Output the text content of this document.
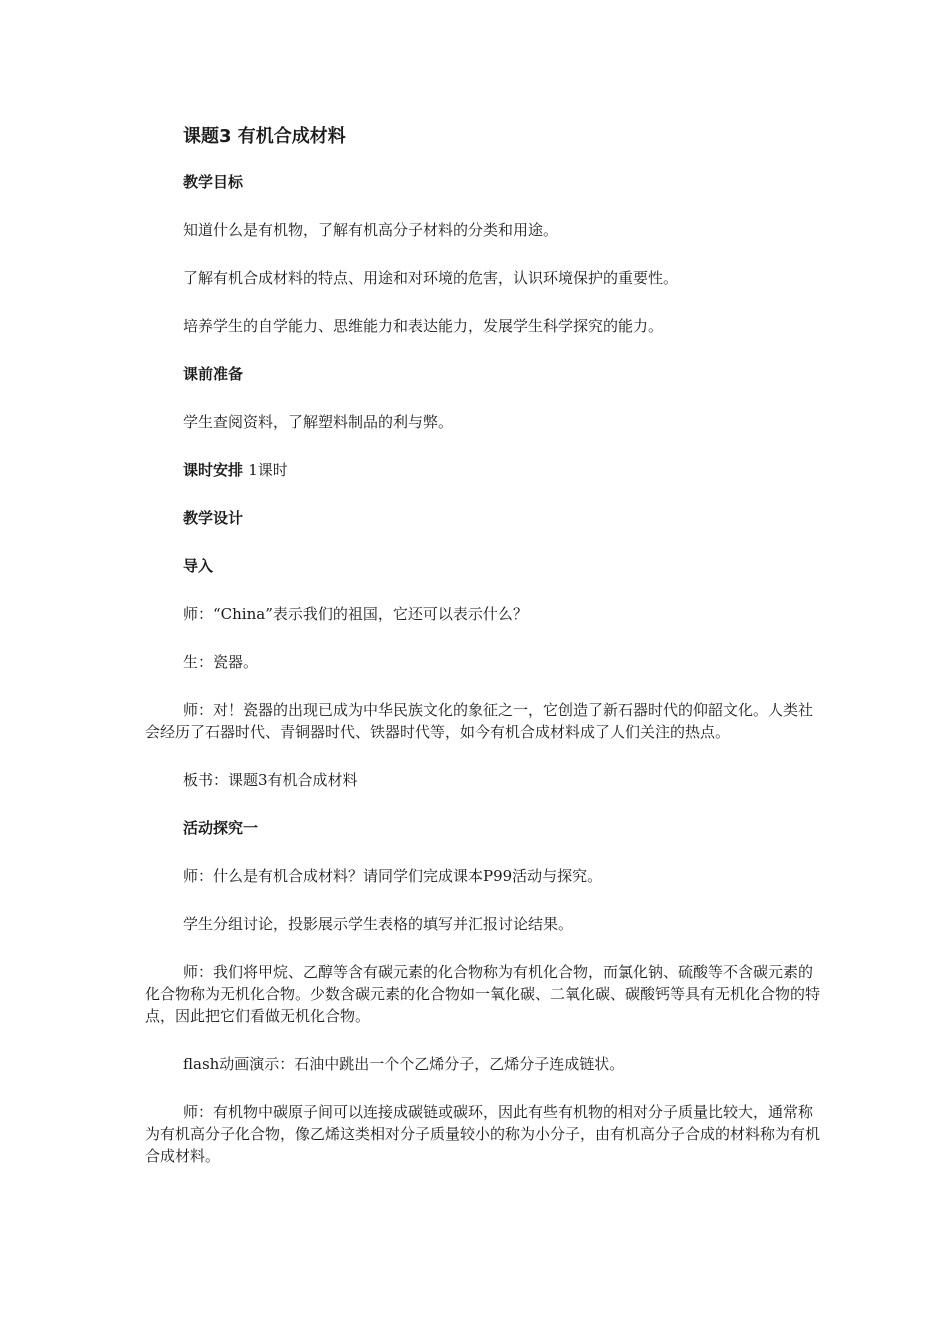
课题3 有机合成材料
教学目标

知道什么是有机物，了解有机高分子材料的分类和用途。

了解有机合成材料的特点、用途和对环境的危害，认识环境保护的重要性。

培养学生的自学能力、思维能力和表达能力，发展学生科学探究的能力。

课前准备

学生查阅资料，了解塑料制品的利与弊。

课时安排 1课时
教学设计
导入

师：“China”表示我们的祖国，它还可以表示什么？

生：瓷器。

师：对！瓷器的出现已成为中华民族文化的象征之一，它创造了新石器时代的仰韶文化。人类社会经历了石器时代、青铜器时代、铁器时代等，如今有机合成材料成了人们关注的热点。

板书：课题3有机合成材料

活动探究一

师：什么是有机合成材料？请同学们完成课本P99活动与探究。

学生分组讨论，投影展示学生表格的填写并汇报讨论结果。

师：我们将甲烷、乙醇等含有碳元素的化合物称为有机化合物，而氯化钠、硫酸等不含碳元素的化合物称为无机化合物。少数含碳元素的化合物如一氧化碳、二氧化碳、碳酸钙等具有无机化合物的特点，因此把它们看做无机化合物。

flash动画演示：石油中跳出一个个乙烯分子，乙烯分子连成链状。

师：有机物中碳原子间可以连接成碳链或碳环，因此有些有机物的相对分子质量比较大，通常称为有机高分子化合物，像乙烯这类相对分子质量较小的称为小分子，由有机高分子合成的材料称为有机合成材料。
